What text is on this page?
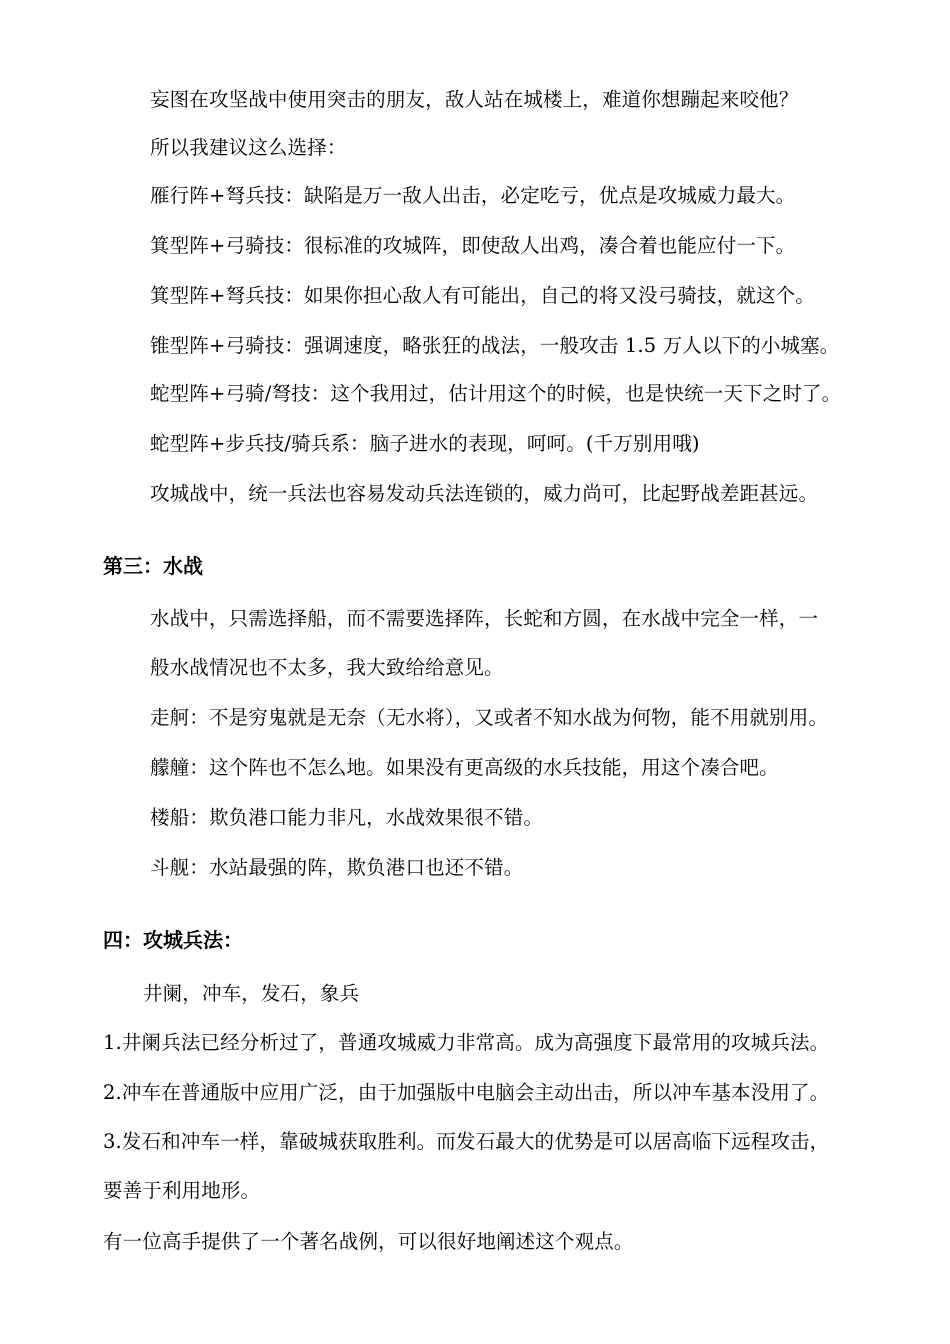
妄图在攻坚战中使用突击的朋友，敌人站在城楼上，难道你想蹦起来咬他？

所以我建议这么选择：

雁行阵+弩兵技：缺陷是万一敌人出击，必定吃亏，优点是攻城威力最大。

箕型阵+弓骑技：很标准的攻城阵，即使敌人出鸡，凑合着也能应付一下。

箕型阵+弩兵技：如果你担心敌人有可能出，自己的将又没弓骑技，就这个。

锥型阵+弓骑技：强调速度，略张狂的战法，一般攻击 1.5 万人以下的小城塞。

蛇型阵+弓骑/弩技：这个我用过，估计用这个的时候，也是快统一天下之时了。

蛇型阵+步兵技/骑兵系：脑子进水的表现，呵呵。(千万别用哦)

攻城战中，统一兵法也容易发动兵法连锁的，威力尚可，比起野战差距甚远。

第三：水战

水战中，只需选择船，而不需要选择阵，长蛇和方圆，在水战中完全一样，一

般水战情况也不太多，我大致给给意见。

走舸：不是穷鬼就是无奈（无水将），又或者不知水战为何物，能不用就别用。

艨艟：这个阵也不怎么地。如果没有更高级的水兵技能，用这个凑合吧。

楼船：欺负港口能力非凡，水战效果很不错。

斗舰：水站最强的阵，欺负港口也还不错。

四：攻城兵法：

井阑，冲车，发石，象兵

1.井阑兵法已经分析过了，普通攻城威力非常高。成为高强度下最常用的攻城兵法。

2.冲车在普通版中应用广泛，由于加强版中电脑会主动出击，所以冲车基本没用了。

3.发石和冲车一样，靠破城获取胜利。而发石最大的优势是可以居高临下远程攻击，

要善于利用地形。

有一位高手提供了一个著名战例，可以很好地阐述这个观点。
